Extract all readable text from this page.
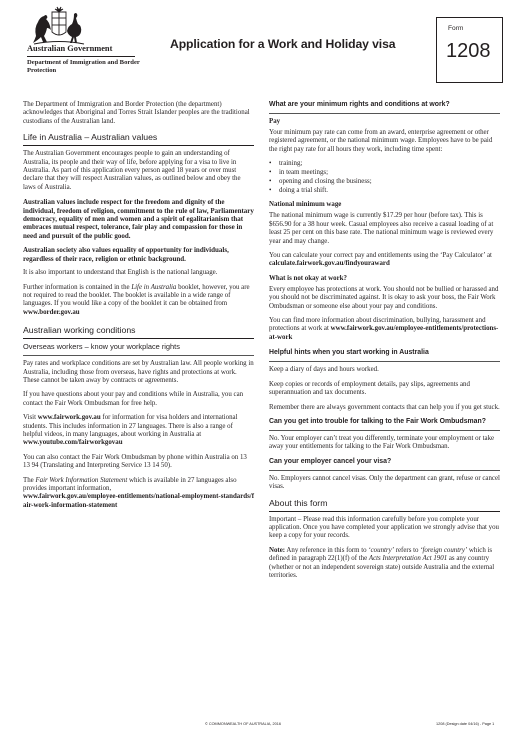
Australian Government
Department of Immigration and Border Protection
Application for a Work and Holiday visa
Form
1208

The Department of Immigration and Border Protection (the department) acknowledges that Aboriginal and Torres Strait Islander peoples are the traditional custodians of the Australian land.

Life in Australia – Australian values

The Australian Government encourages people to gain an understanding of Australia, its people and their way of life, before applying for a visa to live in Australia. As part of this application every person aged 18 years or over must declare that they will respect Australian values, as outlined below and obey the laws of Australia.

Australian values include respect for the freedom and dignity of the individual, freedom of religion, commitment to the rule of law, Parliamentary democracy, equality of men and women and a spirit of egalitarianism that embraces mutual respect, tolerance, fair play and compassion for those in need and pursuit of the public good.

Australian society also values equality of opportunity for individuals, regardless of their race, religion or ethnic background.

It is also important to understand that English is the national language.

Further information is contained in the Life in Australia booklet, however, you are not required to read the booklet. The booklet is available in a wide range of languages. If you would like a copy of the booklet it can be obtained from www.border.gov.au

Australian working conditions
Overseas workers – know your workplace rights

Pay rates and workplace conditions are set by Australian law. All people working in Australia, including those from overseas, have rights and protections at work. These cannot be taken away by contracts or agreements.

If you have questions about your pay and conditions while in Australia, you can contact the Fair Work Ombudsman for free help.

Visit www.fairwork.gov.au for information for visa holders and international students. This includes information in 27 languages. There is also a range of helpful videos, in many languages, about working in Australia at
www.youtube.com/fairworkgovau

You can also contact the Fair Work Ombudsman by phone within Australia on 13 13 94 (Translating and Interpreting Service 13 14 50).

The Fair Work Information Statement which is available in 27 languages also provides important information,
www.fairwork.gov.au/employee-entitlements/national-employment-standards/fair-work-information-statement

What are your minimum rights and conditions at work?
Pay

Your minimum pay rate can come from an award, enterprise agreement or other registered agreement, or the national minimum wage. Employees have to be paid the right pay rate for all hours they work, including time spent:

• training;
• in team meetings;
• opening and closing the business;
• doing a trial shift.
National minimum wage

The national minimum wage is currently $17.29 per hour (before tax). This is $656.90 for a 38 hour week. Casual employees also receive a casual loading of at least 25 per cent on this base rate. The national minimum wage is reviewed every year and may change.

You can calculate your correct pay and entitlements using the ‘Pay Calculator’ at calculate.fairwork.gov.au/findyouraward

What is not okay at work?

Every employee has protections at work. You should not be bullied or harassed and you should not be discriminated against. It is okay to ask your boss, the Fair Work Ombudsman or someone else about your pay and conditions.

You can find more information about discrimination, bullying, harassment and protections at work at www.fairwork.gov.au/employee-entitlements/protections-at-work

Helpful hints when you start working in Australia

Keep a diary of days and hours worked.

Keep copies or records of employment details, pay slips, agreements and superannuation and tax documents.

Remember there are always government contacts that can help you if you get stuck.

Can you get into trouble for talking to the Fair Work Ombudsman?

No. Your employer can’t treat you differently, terminate your employment or take away your entitlements for talking to the Fair Work Ombudsman.

Can your employer cancel your visa?

No. Employers cannot cancel visas. Only the department can grant, refuse or cancel visas.

About this form

Important – Please read this information carefully before you complete your application. Once you have completed your application we strongly advise that you keep a copy for your records.

Note: Any reference in this form to ‘country’ refers to ‘foreign country’ which is defined in paragraph 22(1)(f) of the Acts Interpretation Act 1901 as any country (whether or not an independent sovereign state) outside Australia and the external territories.

© COMMONWEALTH OF AUSTRALIA, 2016	1208 (Design date 04/16) - Page 1
